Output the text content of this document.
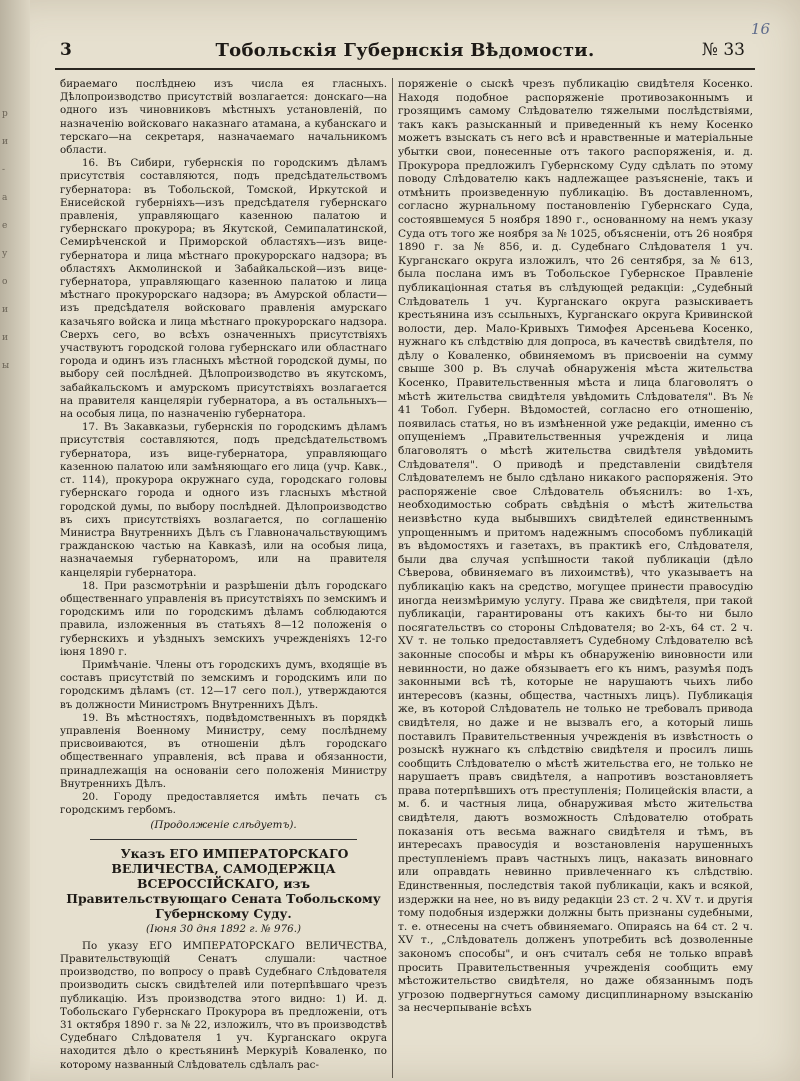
р
и
-
а
е
у
о
и
и
ы
16
3	Тобольскія Губернскія Вѣдомости.	№ 33

бираемаго послѣднею изъ числа ея гласныхъ. Дѣлопроизводство присутствій возлагается: донскаго—на одного изъ чиновниковъ мѣстныхъ установленій, по назначенію войсковаго наказнаго атамана, а кубанскаго и терскаго—на секретаря, назначаемаго начальникомъ области.

16. Въ Сибири, губернскія по городскимъ дѣламъ присутствія составляются, подъ предсѣдательствомъ губернатора: въ Тобольской, Томской, Иркутской и Енисейской губерніяхъ—изъ предсѣдателя губернскаго правленія, управляющаго казенною палатою и губернскаго прокурора; въ Якутской, Семипалатинской, Семирѣченской и Приморской областяхъ—изъ вице-губернатора и лица мѣстнаго прокурорскаго надзора; въ областяхъ Акмолинской и Забайкальской—изъ вице-губернатора, управляющаго казенною палатою и лица мѣстнаго прокурорскаго надзора; въ Амурской области—изъ предсѣдателя войсковаго правленія амурскаго казачьяго войска и лица мѣстнаго прокурорскаго надзора. Сверхъ сего, во всѣхъ означенныхъ присутствіяхъ участвуютъ городской голова губернскаго или областнаго города и одинъ изъ гласныхъ мѣстной городской думы, по выбору сей послѣдней. Дѣлопроизводство въ якутскомъ, забайкальскомъ и амурскомъ присутствіяхъ возлагается на правителя канцеляріи губернатора, а въ остальныхъ—на особыя лица, по назначенію губернатора.

17. Въ Закавказьи, губернскія по городскимъ дѣламъ присутствія составляются, подъ предсѣдательствомъ губернатора, изъ вице-губернатора, управляющаго казенною палатою или замѣняющаго его лица (учр. Кавк., ст. 114), прокурора окружнаго суда, городскаго головы губернскаго города и одного изъ гласныхъ мѣстной городской думы, по выбору послѣдней. Дѣлопроизводство въ сихъ присутствіяхъ возлагается, по соглашенію Министра Внутреннихъ Дѣлъ съ Главноначальствующимъ гражданскою частью на Кавказѣ, или на особыя лица, назначаемыя губернаторомъ, или на правителя канцеляріи губернатора.

18. При разсмотрѣніи и разрѣшеніи дѣлъ городскаго общественнаго управленія въ присутствіяхъ по земскимъ и городскимъ или по городскимъ дѣламъ соблюдаются правила, изложенныя въ статьяхъ 8—12 положенія о губернскихъ и уѣздныхъ земскихъ учрежденіяхъ 12-го іюня 1890 г.

Примѣчаніе. Члены отъ городскихъ думъ, входящіе въ составъ присутствій по земскимъ и городскимъ или по городскимъ дѣламъ (ст. 12—17 сего пол.), утверждаются въ должности Министромъ Внутреннихъ Дѣлъ.

19. Въ мѣстностяхъ, подвѣдомственныхъ въ порядкѣ управленія Военному Министру, сему послѣднему присвоиваются, въ отношеніи дѣлъ городскаго общественнаго управленія, всѣ права и обязанности, принадлежащія на основаніи сего положенія Министру Внутреннихъ Дѣлъ.

20. Городу предоставляется имѣть печать съ городскимъ гербомъ.

(Продолженіе слѣдуетъ).

Указъ ЕГО ИМПЕРАТОРСКАГО ВЕЛИЧЕСТВА, САМОДЕРЖЦА ВСЕРОССІЙСКАГО, изъ Правительствующаго Сената Тобольскому Губернскому Суду.

(Іюня 30 дня 1892 г. № 976.)

По указу ЕГО ИМПЕРАТОРСКАГО ВЕЛИЧЕСТВА, Правительствующій Сенатъ слушали: частное производство, по вопросу о правѣ Судебнаго Слѣдователя производить сыскъ свидѣтелей или потерпѣвшаго чрезъ публикацію. Изъ производства этого видно: 1) И. д. Тобольскаго Губернскаго Прокурора въ предложеніи, отъ 31 октября 1890 г. за № 22, изложилъ, что въ производствѣ Судебнаго Слѣдователя 1 уч. Курганскаго округа находится дѣло о крестьянинѣ Меркуріѣ Коваленко, по которому названный Слѣдователь сдѣлалъ рас-

поряженіе о сыскѣ чрезъ публикацію свидѣтеля Косенко. Находя подобное распоряженіе противозаконнымъ и грозящимъ самому Слѣдователю тяжелыми послѣдствіями, такъ какъ разысканный и приведенный къ нему Косенко можетъ взыскать съ него всѣ и нравственные и матеріальные убытки свои, понесенные отъ такого распоряженія, и. д. Прокурора предложилъ Губернскому Суду сдѣлать по этому поводу Слѣдователю какъ надлежащее разъясненіе, такъ и отмѣнить произведенную публикацію. Въ доставленномъ, согласно журнальному постановленію Губернскаго Суда, состоявшемуся 5 ноября 1890 г., основанному на немъ указу Суда отъ того же ноября за № 1025, объясненіи, отъ 26 ноября 1890 г. за № 856, и. д. Судебнаго Слѣдователя 1 уч. Курганскаго округа изложилъ, что 26 сентября, за № 613, была послана имъ въ Тобольское Губернское Правленіе публикаціонная статья въ слѣдующей редакціи: „Судебный Слѣдователь 1 уч. Курганскаго округа разыскиваетъ крестьянина изъ ссыльныхъ, Курганскаго округа Кривинской волости, дер. Мало-Кривыхъ Тимофея Арсеньева Косенко, нужнаго къ слѣдствію для допроса, въ качествѣ свидѣтеля, по дѣлу о Коваленко, обвиняемомъ въ присвоеніи на сумму свыше 300 р. Въ случаѣ обнаруженія мѣста жительства Косенко, Правительственныя мѣста и лица благоволятъ о мѣстѣ жительства свидѣтеля увѣдомить Слѣдователя". Въ № 41 Тобол. Губерн. Вѣдомостей, согласно его отношенію, появилась статья, но въ измѣненной уже редакціи, именно съ опущеніемъ „Правительственныя учрежденія и лица благоволятъ о мѣстѣ жительства свидѣтеля увѣдомить Слѣдователя". О приводѣ и представленіи свидѣтеля Слѣдователемъ не было сдѣлано никакого распоряженія. Это распоряженіе свое Слѣдователь объяснилъ: во 1-хъ, необходимостью собрать свѣдѣнія о мѣстѣ жительства неизвѣстно куда выбывшихъ свидѣтелей единственнымъ упрощеннымъ и притомъ надежнымъ способомъ публикацій въ вѣдомостяхъ и газетахъ, въ практикѣ его, Слѣдователя, были два случая успѣшности такой публикаціи (дѣло Сѣверова, обвиняемаго въ лихоимствѣ), что указываетъ на публикацію какъ на средство, могущее принести правосудію иногда неизмѣримую услугу. Права же свидѣтеля, при такой публикаціи, гарантированы отъ какихъ бы-то ни было посягательствъ со стороны Слѣдователя; во 2-хъ, 64 ст. 2 ч. XV т. не только предоставляетъ Судебному Слѣдователю всѣ законные способы и мѣры къ обнаруженію виновности или невинности, но даже обязываетъ его къ нимъ, разумѣя подъ законными всѣ тѣ, которые не нарушаютъ чьихъ либо интересовъ (казны, общества, частныхъ лицъ). Публикація же, въ которой Слѣдователь не только не требовалъ привода свидѣтеля, но даже и не вызвалъ его, а который лишь поставилъ Правительственныя учрежденія въ извѣстность о розыскѣ нужнаго къ слѣдствію свидѣтеля и просилъ лишь сообщить Слѣдователю о мѣстѣ жительства его, не только не нарушаетъ правъ свидѣтеля, а напротивъ возстановляетъ права потерпѣвшихъ отъ преступленія; Полицейскія власти, а м. б. и частныя лица, обнаруживая мѣсто жительства свидѣтеля, даютъ возможность Слѣдователю отобрать показанія отъ весьма важнаго свидѣтеля и тѣмъ, въ интересахъ правосудія и возстановленія нарушенныхъ преступленіемъ правъ частныхъ лицъ, наказать виновнаго или оправдать невинно привлеченнаго къ слѣдствію. Единственныя, последствія такой публикаціи, какъ и всякой, издержки на нее, но въ виду редакціи 23 ст. 2 ч. XV т. и другія тому подобныя издержки должны быть признаны судебными, т. е. отнесены на счетъ обвиняемаго. Опираясь на 64 ст. 2 ч. XV т., „Слѣдователь долженъ употребить всѣ дозволенные закономъ способы", и онъ считалъ себя не только вправѣ просить Правительственныя учрежденія сообщить ему мѣстожительство свидѣтеля, но даже обязаннымъ подъ угрозою подвергнуться самому дисциплинарному взысканію за несчерпываніе всѣхъ
